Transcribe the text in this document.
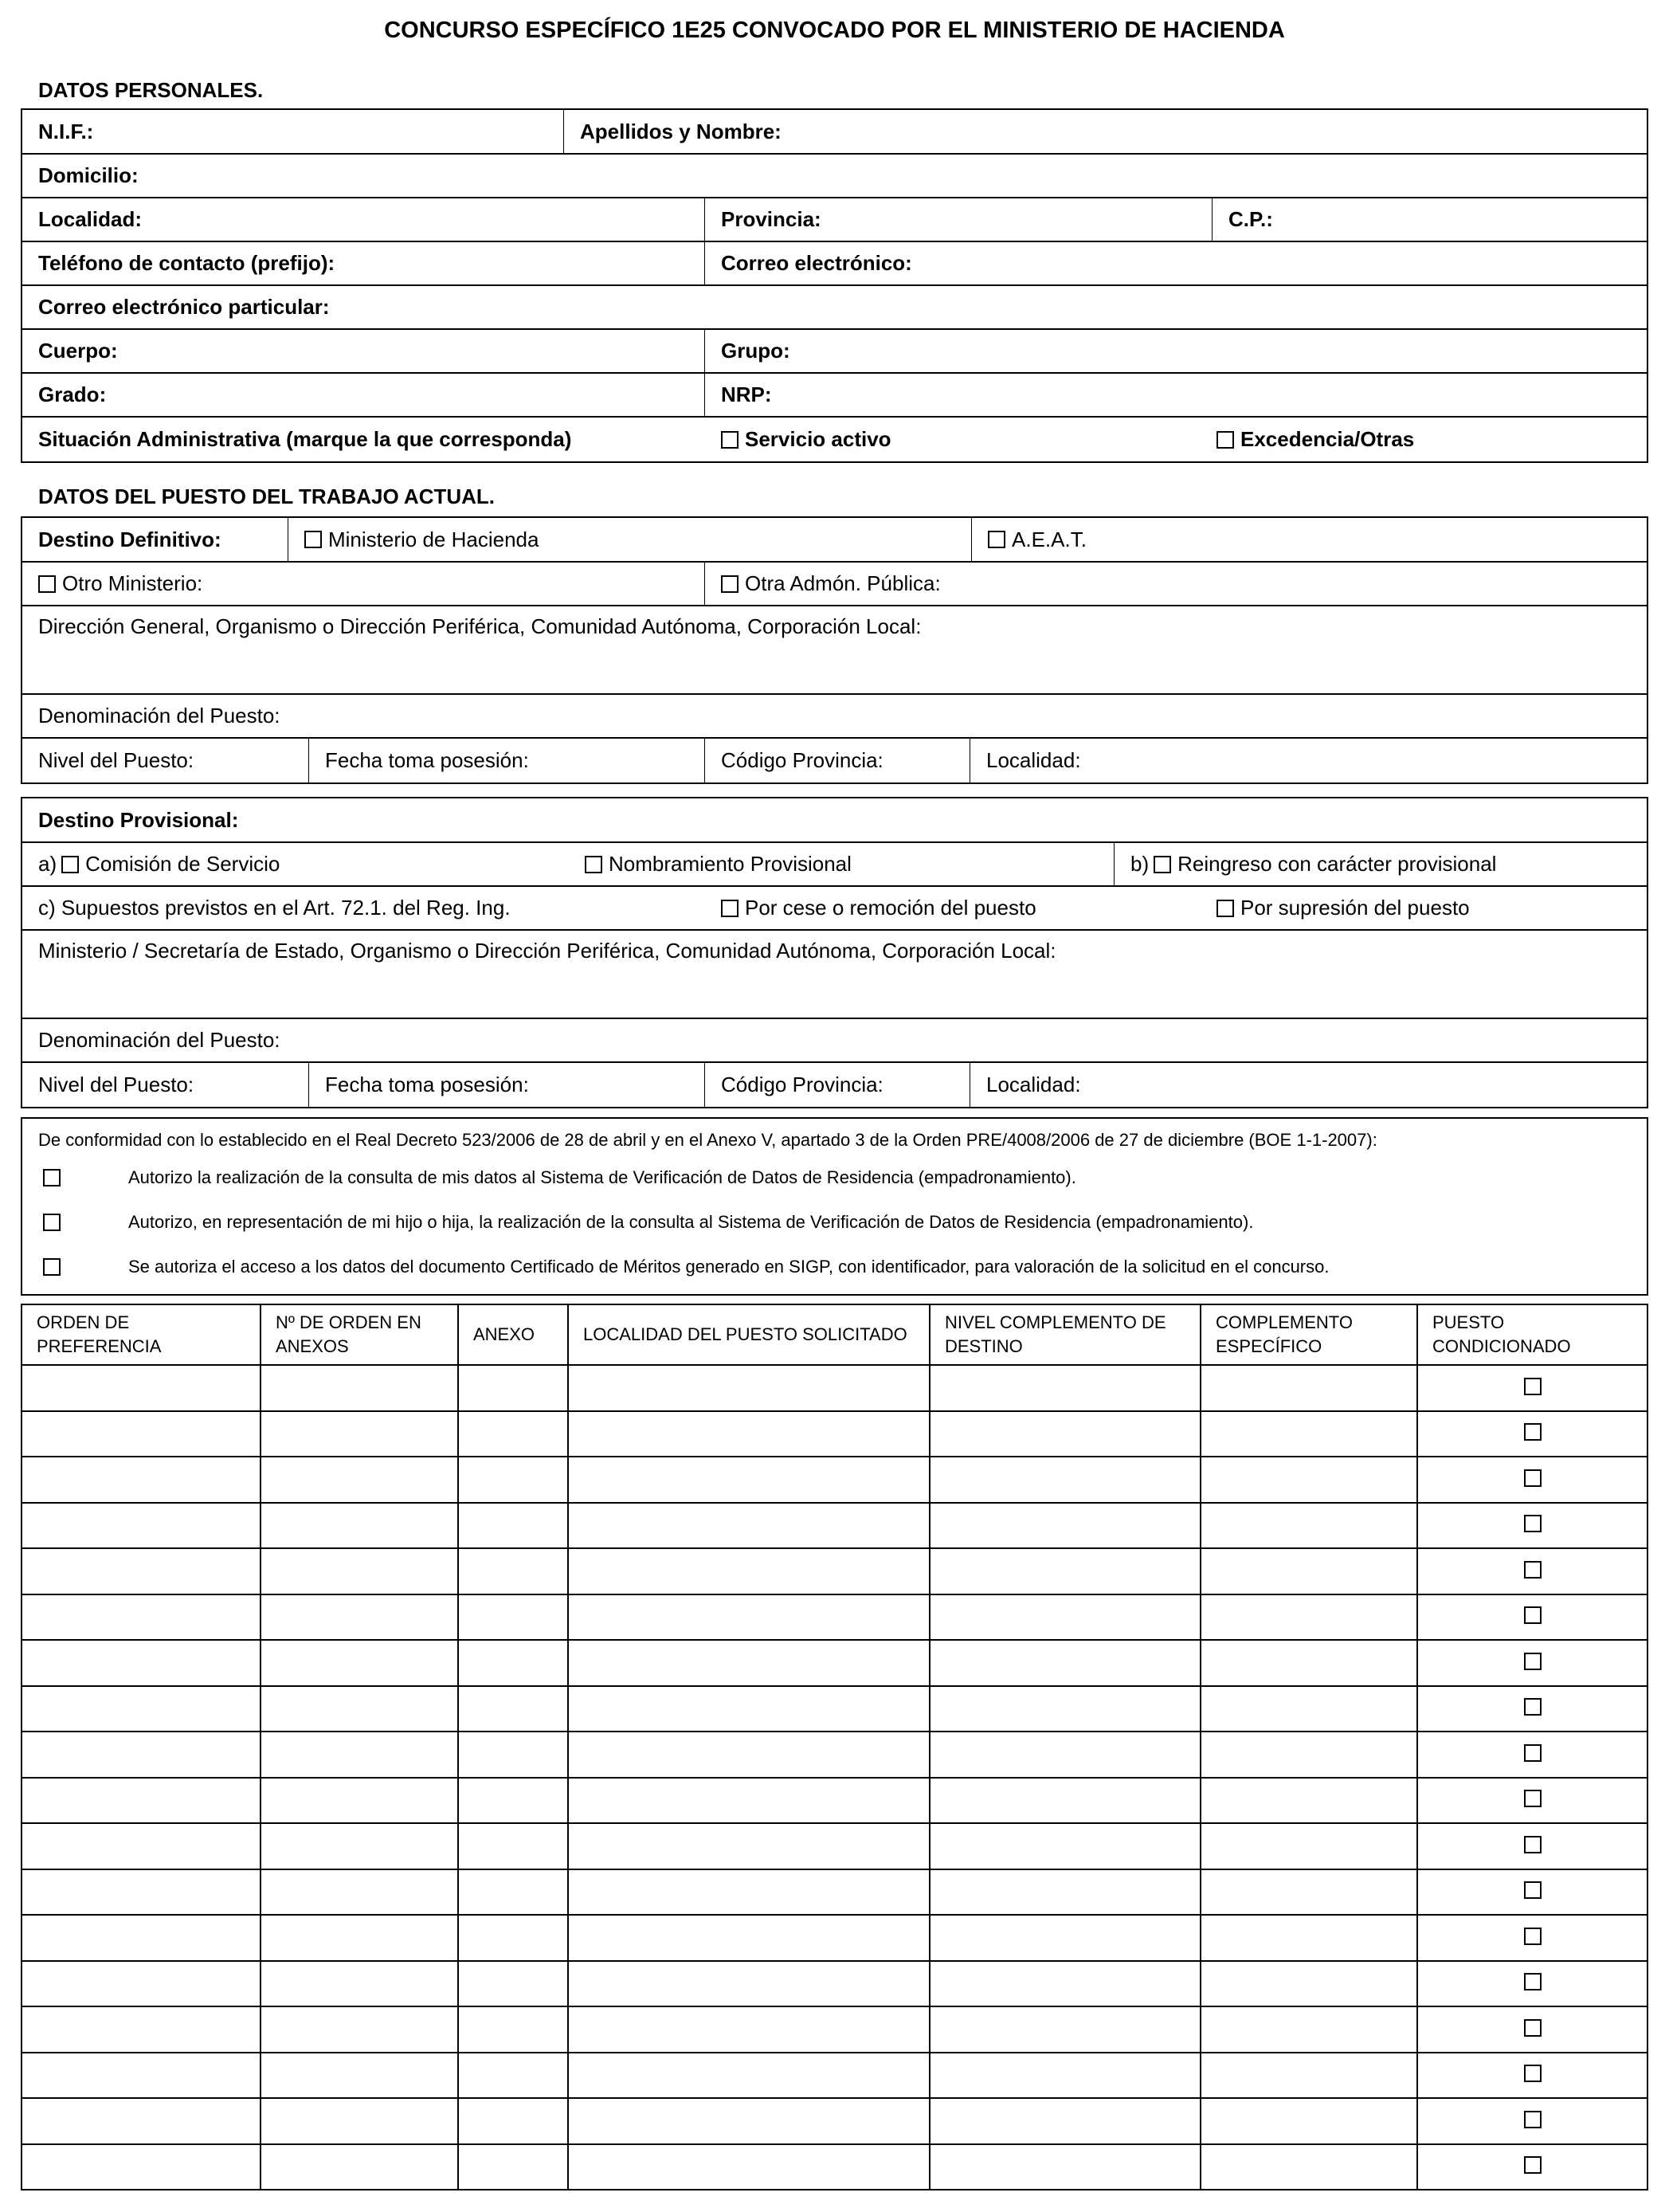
CONCURSO ESPECÍFICO 1E25 CONVOCADO POR EL MINISTERIO DE HACIENDA
DATOS PERSONALES.
N.I.F.:	Apellidos y Nombre:
Domicilio:
Localidad:	Provincia:	C.P.:
Teléfono de contacto (prefijo):	Correo electrónico:
Correo electrónico particular:
Cuerpo:	Grupo:
Grado:	NRP:
Situación Administrativa (marque la que corresponda)	Servicio activo	Excedencia/Otras
DATOS DEL PUESTO DEL TRABAJO ACTUAL.
Destino Definitivo:	Ministerio de Hacienda	A.E.A.T.
Otro Ministerio:	Otra Admón. Pública:
Dirección General, Organismo o Dirección Periférica, Comunidad Autónoma, Corporación Local:
Denominación del Puesto:
Nivel del Puesto:	Fecha toma posesión:	Código Provincia:	Localidad:
Destino Provisional:
a) Comisión de Servicio	Nombramiento Provisional	b) Reingreso con carácter provisional
c) Supuestos previstos en el Art. 72.1. del Reg. Ing.	Por cese o remoción del puesto	Por supresión del puesto
Ministerio / Secretaría de Estado, Organismo o Dirección Periférica, Comunidad Autónoma, Corporación Local:
Denominación del Puesto:
Nivel del Puesto:	Fecha toma posesión:	Código Provincia:	Localidad:
De conformidad con lo establecido en el Real Decreto 523/2006 de 28 de abril y en el Anexo V, apartado 3 de la Orden PRE/4008/2006 de 27 de diciembre (BOE 1-1-2007):
Autorizo la realización de la consulta de mis datos al Sistema de Verificación de Datos de Residencia (empadronamiento).
Autorizo, en representación de mi hijo o hija, la realización de la consulta al Sistema de Verificación de Datos de Residencia (empadronamiento).
Se autoriza el acceso a los datos del documento Certificado de Méritos generado en SIGP, con identificador, para valoración de la solicitud en el concurso.
ORDEN DE PREFERENCIA	Nº DE ORDEN EN ANEXOS	ANEXO	LOCALIDAD DEL PUESTO SOLICITADO	NIVEL COMPLEMENTO DE DESTINO	COMPLEMENTO ESPECÍFICO	PUESTO CONDICIONADO
